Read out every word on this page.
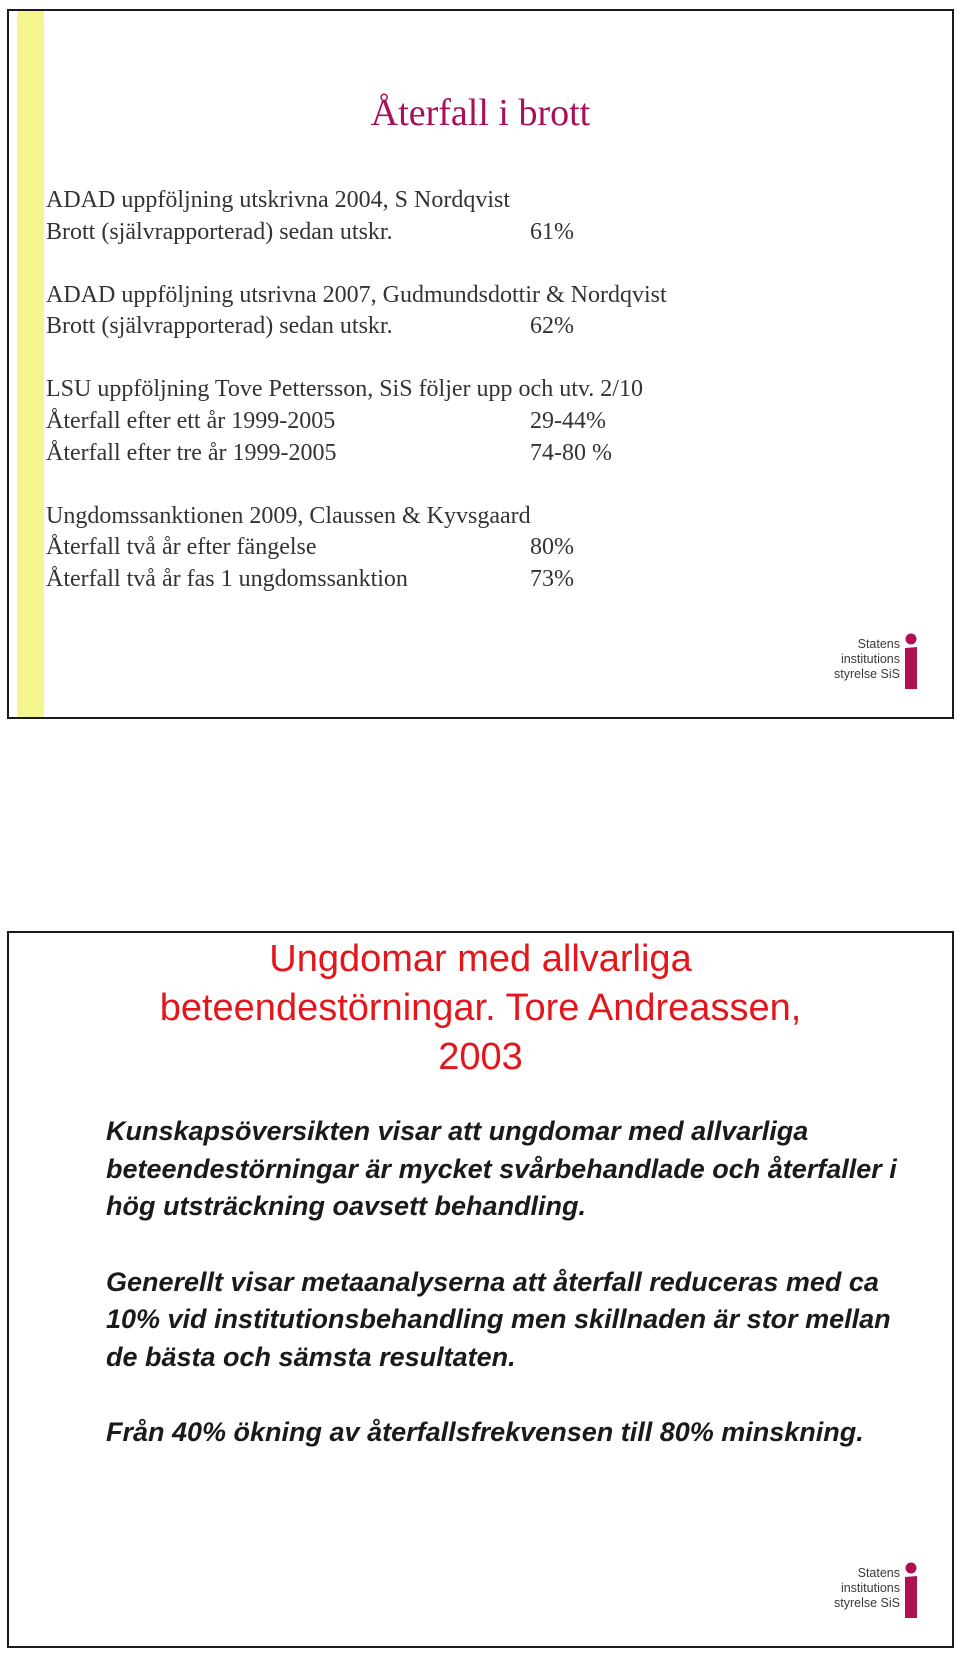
Återfall i brott
ADAD uppföljning utskrivna 2004, S Nordqvist
Brott (självrapporterad) sedan utskr.	61%
ADAD uppföljning utsrivna 2007, Gudmundsdottir & Nordqvist
Brott (självrapporterad) sedan utskr.	62%
LSU uppföljning Tove Pettersson, SiS följer upp och utv. 2/10
Återfall efter ett år 1999-2005	29-44%
Återfall efter tre år 1999-2005	74-80 %
Ungdomssanktionen 2009, Claussen & Kyvsgaard
Återfall två år efter fängelse	80%
Återfall två år fas 1 ungdomssanktion	73%
Statens
institutions
styrelse SiS
Ungdomar med allvarliga
beteendestörningar. Tore Andreassen,
2003

Kunskapsöversikten visar att ungdomar med allvarliga beteendestörningar är mycket svårbehandlade och återfaller i hög utsträckning oavsett behandling.

Generellt visar metaanalyserna att återfall reduceras med ca 10% vid institutionsbehandling men skillnaden är stor mellan de bästa och sämsta resultaten.

Från 40% ökning av återfallsfrekvensen till 80% minskning.

Statens
institutions
styrelse SiS
